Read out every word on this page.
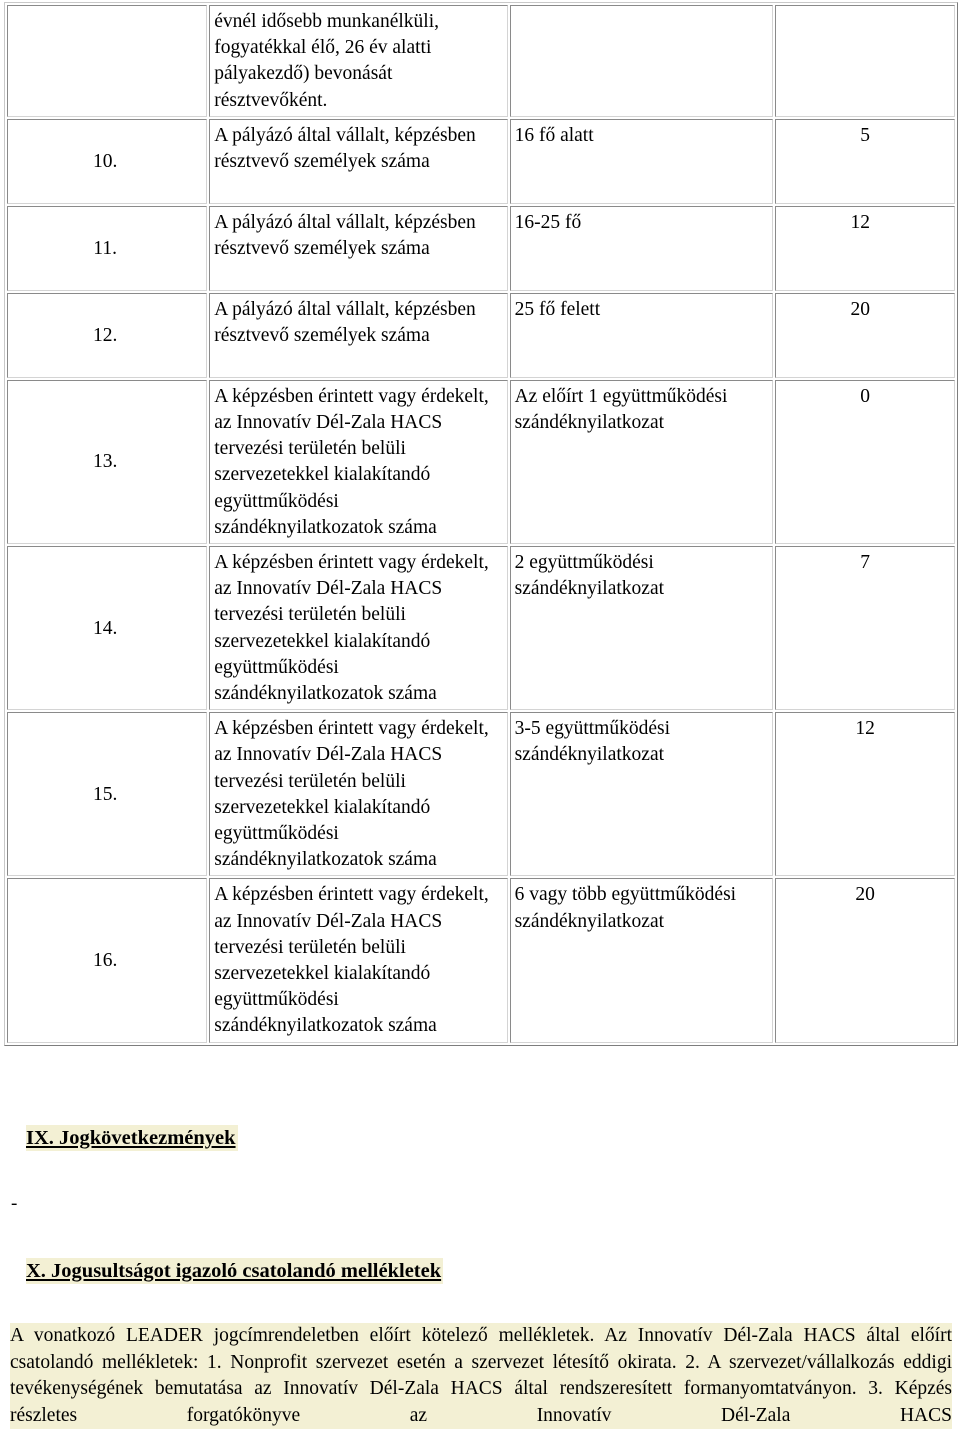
	évnél idősebb munkanélküli, fogyatékkal élő, 26 év alatti pályakezdő) bevonását résztvevőként.		
10.	A pályázó által vállalt, képzésben résztvevő személyek száma	16 fő alatt	5
11.	A pályázó által vállalt, képzésben résztvevő személyek száma	16-25 fő	12
12.	A pályázó által vállalt, képzésben résztvevő személyek száma	25 fő felett	20
13.	A képzésben érintett vagy érdekelt, az Innovatív Dél-Zala HACS tervezési területén belüli szervezetekkel kialakítandó együttműködési szándéknyilatkozatok száma	Az előírt 1 együttműködési szándéknyilatkozat	0
14.	A képzésben érintett vagy érdekelt, az Innovatív Dél-Zala HACS tervezési területén belüli szervezetekkel kialakítandó együttműködési szándéknyilatkozatok száma	2 együttműködési szándéknyilatkozat	7
15.	A képzésben érintett vagy érdekelt, az Innovatív Dél-Zala HACS tervezési területén belüli szervezetekkel kialakítandó együttműködési szándéknyilatkozatok száma	3-5 együttműködési szándéknyilatkozat	12
16.	A képzésben érintett vagy érdekelt, az Innovatív Dél-Zala HACS tervezési területén belüli szervezetekkel kialakítandó együttműködési szándéknyilatkozatok száma	6 vagy több együttműködési szándéknyilatkozat	20
IX. Jogkövetkezmények
-
X. Jogusultságot igazoló csatolandó mellékletek

A vonatkozó LEADER jogcímrendeletben előírt kötelező mellékletek. Az Innovatív Dél-Zala HACS által előírt csatolandó mellékletek: 1. Nonprofit szervezet esetén a szervezet létesítő okirata. 2. A szervezet/vállalkozás eddigi tevékenységének bemutatása az Innovatív Dél-Zala HACS által rendszeresített formanyomtatványon. 3. Képzés részletes forgatókönyve az Innovatív Dél-Zala HACS
